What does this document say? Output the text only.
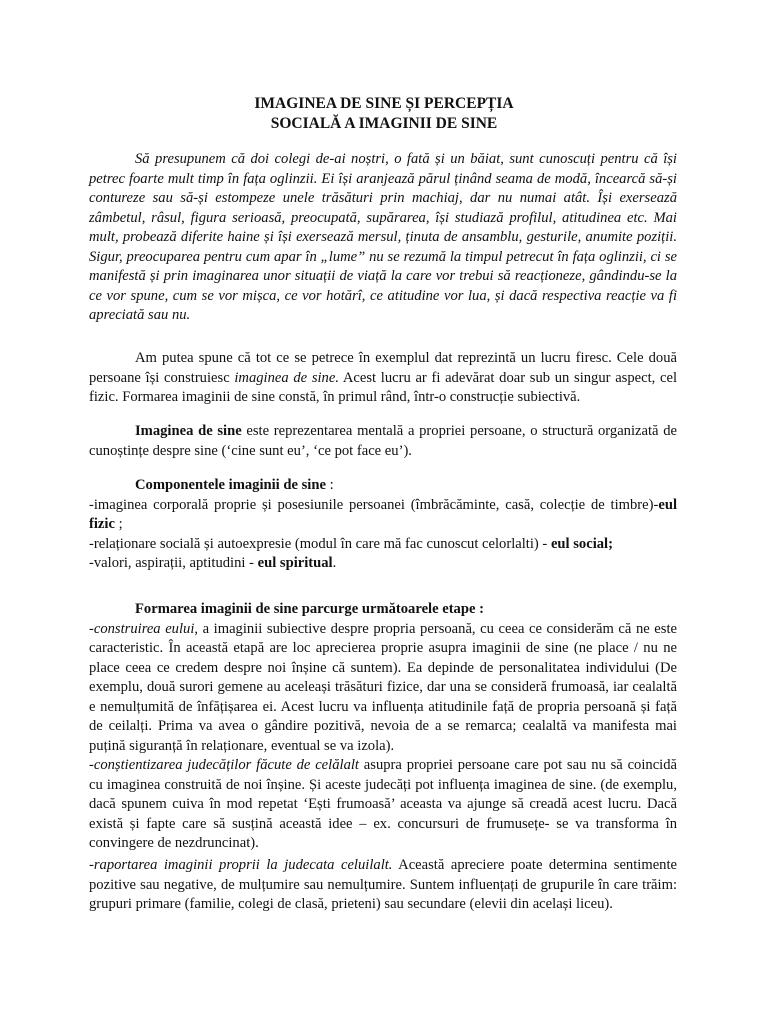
IMAGINEA DE SINE ȘI PERCEPȚIA
SOCIALĂ A IMAGINII DE SINE

Să presupunem că doi colegi de-ai noștri, o fată și un băiat, sunt cunoscuți pentru că își petrec foarte mult timp în fața oglinzii. Ei își aranjează părul ținând seama de modă, încearcă să-și contureze sau să-și estompeze unele trăsături prin machiaj, dar nu numai atât. Își exersează zâmbetul, râsul, figura serioasă, preocupată, supărarea, își studiază profilul, atitudinea etc. Mai mult, probează diferite haine și își exersează mersul, ținuta de ansamblu, gesturile, anumite poziții. Sigur, preocuparea pentru cum apar în „lume” nu se rezumă la timpul petrecut în fața oglinzii, ci se manifestă și prin imaginarea unor situații de viață la care vor trebui să reacționeze, gândindu-se la ce vor spune, cum se vor mișca, ce vor hotărî, ce atitudine vor lua, și dacă respectiva reacție va fi apreciată sau nu.

Am putea spune că tot ce se petrece în exemplul dat reprezintă un lucru firesc. Cele două persoane își construiesc imaginea de sine. Acest lucru ar fi adevărat doar sub un singur aspect, cel fizic. Formarea imaginii de sine constă, în primul rând, într-o construcție subiectivă.

Imaginea de sine este reprezentarea mentală a propriei persoane, o structură organizată de cunoștințe despre sine (‘cine sunt eu’, ‘ce pot face eu’).

Componentele imaginii de sine :
-imaginea corporală proprie și posesiunile persoanei (îmbrăcăminte, casă, colecție de timbre)-eul fizic ;
-relaționare socială și autoexpresie (modul în care mă fac cunoscut celorlalti) - eul social;
-valori, aspirații, aptitudini - eul spiritual.
Formarea imaginii de sine parcurge următoarele etape :
-construirea eului, a imaginii subiective despre propria persoană, cu ceea ce considerăm că ne este caracteristic. În această etapă are loc aprecierea proprie asupra imaginii de sine (ne place / nu ne place ceea ce credem despre noi înșine că suntem). Ea depinde de personalitatea individului (De exemplu, două surori gemene au aceleași trăsături fizice, dar una se consideră frumoasă, iar cealaltă e nemulțumită de înfățișarea ei. Acest lucru va influența atitudinile față de propria persoană și față de ceilalți. Prima va avea o gândire pozitivă, nevoia de a se remarca; cealaltă va manifesta mai puțină siguranță în relaționare, eventual se va izola).

-conștientizarea judecăților făcute de celălalt asupra propriei persoane care pot sau nu să coincidă cu imaginea construită de noi înșine. Și aceste judecăți pot influența imaginea de sine. (de exemplu, dacă spunem cuiva în mod repetat ‘Ești frumoasă’ aceasta va ajunge să creadă acest lucru. Dacă există și fapte care să susțină această idee – ex. concursuri de frumusețe- se va transforma în convingere de nezdruncinat).

-raportarea imaginii proprii la judecata celuilalt. Această apreciere poate determina sentimente pozitive sau negative, de mulțumire sau nemulțumire. Suntem influențați de grupurile în care trăim: grupuri primare (familie, colegi de clasă, prieteni) sau secundare (elevii din același liceu).
